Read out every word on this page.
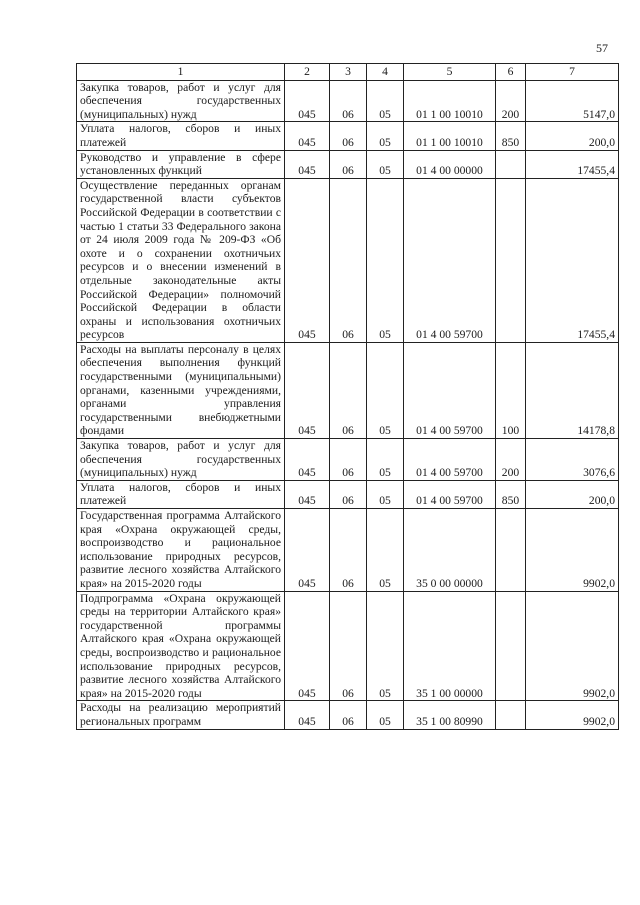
57
1	2	3	4	5	6	7
Закупка товаров, работ и услуг для обеспечения государственных (муниципальных) нужд	045	06	05	01 1 00 10010	200	5147,0
Уплата налогов, сборов и иных платежей	045	06	05	01 1 00 10010	850	200,0
Руководство и управление в сфере установленных функций	045	06	05	01 4 00 00000		17455,4
Осуществление переданных органам государственной власти субъектов Российской Федерации в соответствии с частью 1 статьи 33 Федерального закона от 24 июля 2009 года № 209-ФЗ «Об охоте и о сохранении охотничьих ресурсов и о внесении изменений в отдельные законодательные акты Российской Федерации» полномочий Российской Федерации в области охраны и использования охотничьих ресурсов	045	06	05	01 4 00 59700		17455,4
Расходы на выплаты персоналу в целях обеспечения выполнения функций государственными (муниципальными) органами, казенными учреждениями, органами управления государственными внебюджетными фондами	045	06	05	01 4 00 59700	100	14178,8
Закупка товаров, работ и услуг для обеспечения государственных (муниципальных) нужд	045	06	05	01 4 00 59700	200	3076,6
Уплата налогов, сборов и иных платежей	045	06	05	01 4 00 59700	850	200,0
Государственная программа Алтайского края «Охрана окружающей среды, воспроизводство и рациональное использование природных ресурсов, развитие лесного хозяйства Алтайского края» на 2015-2020 годы	045	06	05	35 0 00 00000		9902,0
Подпрограмма «Охрана окружающей среды на территории Алтайского края» государственной программы Алтайского края «Охрана окружающей среды, воспроизводство и рациональное использование природных ресурсов, развитие лесного хозяйства Алтайского края» на 2015-2020 годы	045	06	05	35 1 00 00000		9902,0
Расходы на реализацию мероприятий региональных программ	045	06	05	35 1 00 80990		9902,0
